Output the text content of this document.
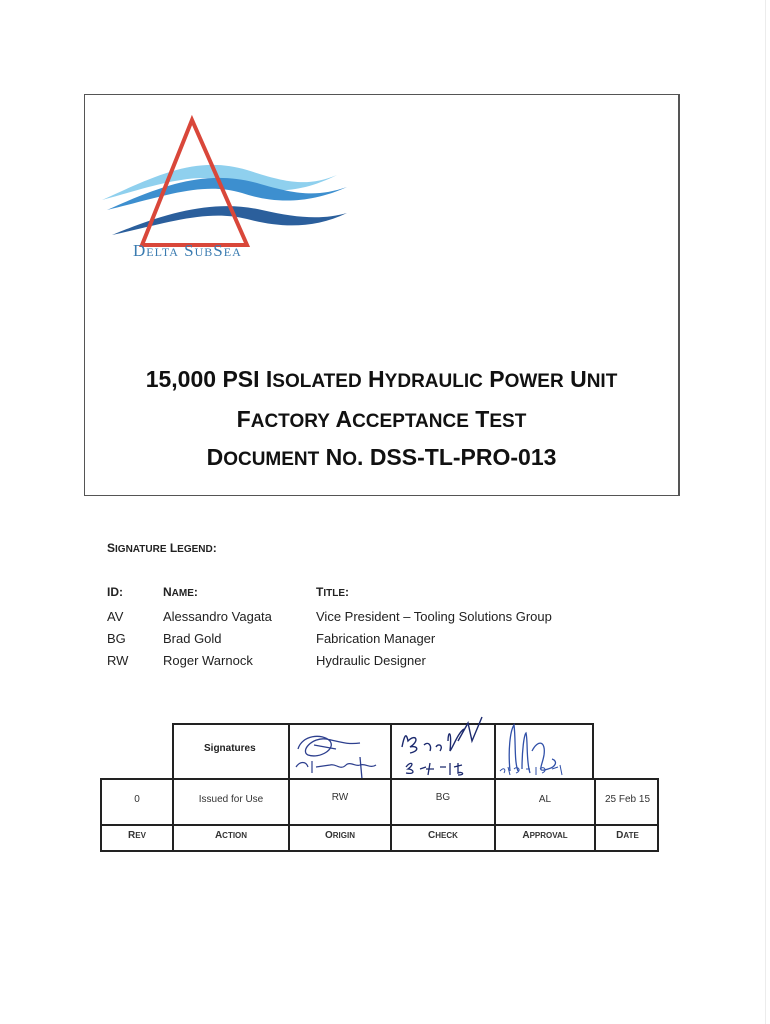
DELTA SUBSEA
15,000 PSI ISOLATED HYDRAULIC POWER UNIT
FACTORY ACCEPTANCE TEST
DOCUMENT NO. DSS-TL-PRO-013
SIGNATURE LEGEND:
ID:	NAME:	TITLE:
AV	Alessandro Vagata	Vice President – Tooling Solutions Group
BG	Brad Gold	Fabrication Manager
RW	Roger Warnock	Hydraulic Designer
Signatures
0	Issued for Use	RW	BG	AL	25 Feb 15
REV	ACTION	ORIGIN	CHECK	APPROVAL	DATE
